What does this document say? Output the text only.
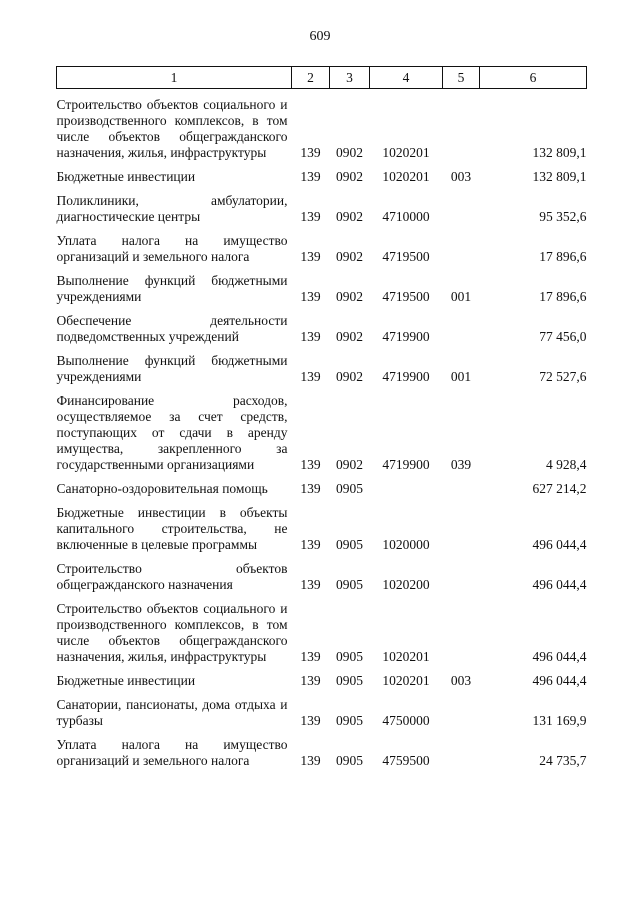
609
1	2	3	4	5	6

Строительство объектов социального и производственного комплексов, в том числе объектов общегражданского назначения, жилья, инфраструктуры	139	0902	1020201		132 809,1

Бюджетные инвестиции	139	0902	1020201	003	132 809,1

Поликлиники, амбулатории, диагностические центры	139	0902	4710000		95 352,6

Уплата налога на имущество организаций и земельного налога	139	0902	4719500		17 896,6

Выполнение функций бюджетными учреждениями	139	0902	4719500	001	17 896,6

Обеспечение деятельности подведомственных учреждений	139	0902	4719900		77 456,0

Выполнение функций бюджетными учреждениями	139	0902	4719900	001	72 527,6

Финансирование расходов, осуществляемое за счет средств, поступающих от сдачи в аренду имущества, закрепленного за государственными организациями	139	0902	4719900	039	4 928,4

Санаторно-оздоровительная помощь	139	0905			627 214,2

Бюджетные инвестиции в объекты капитального строительства, не включенные в целевые программы	139	0905	1020000		496 044,4

Строительство объектов общегражданского назначения	139	0905	1020200		496 044,4

Строительство объектов социального и производственного комплексов, в том числе объектов общегражданского назначения, жилья, инфраструктуры	139	0905	1020201		496 044,4

Бюджетные инвестиции	139	0905	1020201	003	496 044,4

Санатории, пансионаты, дома отдыха и турбазы	139	0905	4750000		131 169,9

Уплата налога на имущество организаций и земельного налога	139	0905	4759500		24 735,7
